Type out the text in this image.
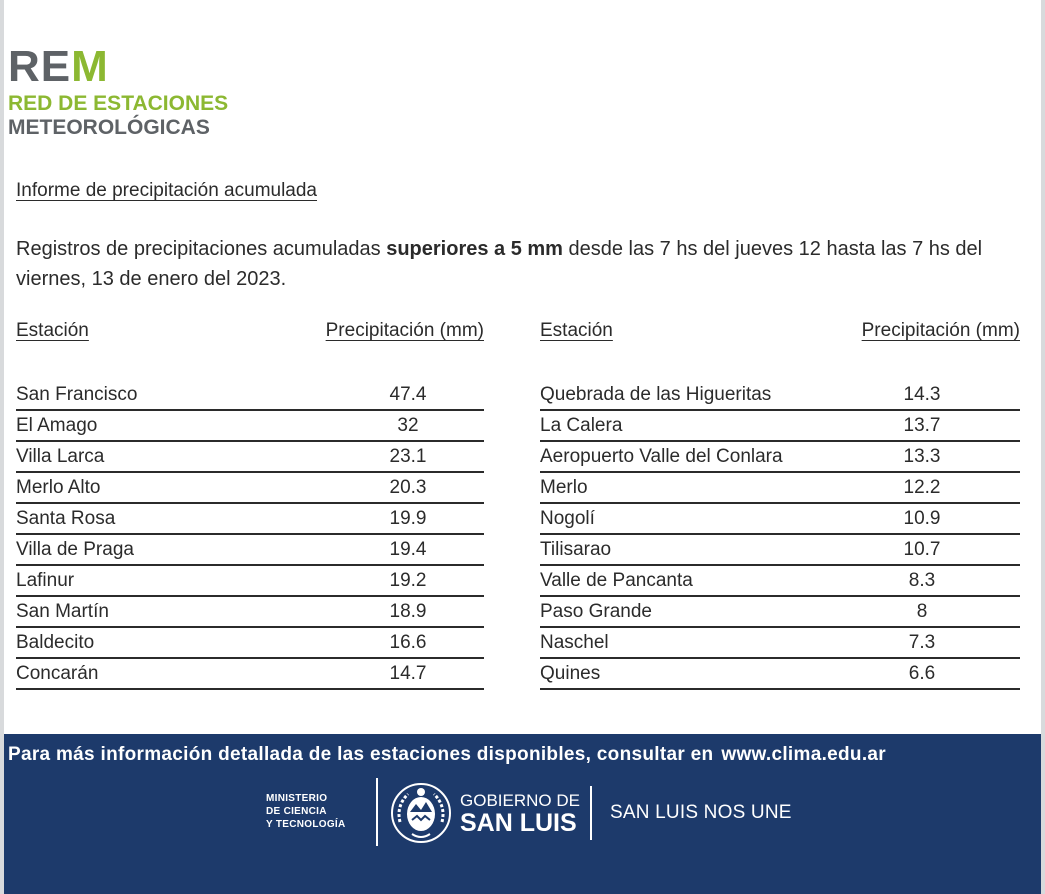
REM
RED DE ESTACIONES
METEOROLÓGICAS
Informe de precipitación acumulada
Registros de precipitaciones acumuladas superiores a 5 mm desde las 7 hs del jueves 12 hasta las 7 hs del viernes, 13 de enero del 2023.
Estación	Precipitación (mm)
San Francisco	47.4
El Amago	32
Villa Larca	23.1
Merlo Alto	20.3
Santa Rosa	19.9
Villa de Praga	19.4
Lafinur	19.2
San Martín	18.9
Baldecito	16.6
Concarán	14.7
Estación	Precipitación (mm)
Quebrada de las Higueritas	14.3
La Calera	13.7
Aeropuerto Valle del Conlara	13.3
Merlo	12.2
Nogolí	10.9
Tilisarao	10.7
Valle de Pancanta	8.3
Paso Grande	8
Naschel	7.3
Quines	6.6
Para más información detallada de las estaciones disponibles, consultar en www.clima.edu.ar
MINISTERIO
DE CIENCIA
Y TECNOLOGÍA
GOBIERNO DE
SAN LUIS SAN LUIS NOS UNE
